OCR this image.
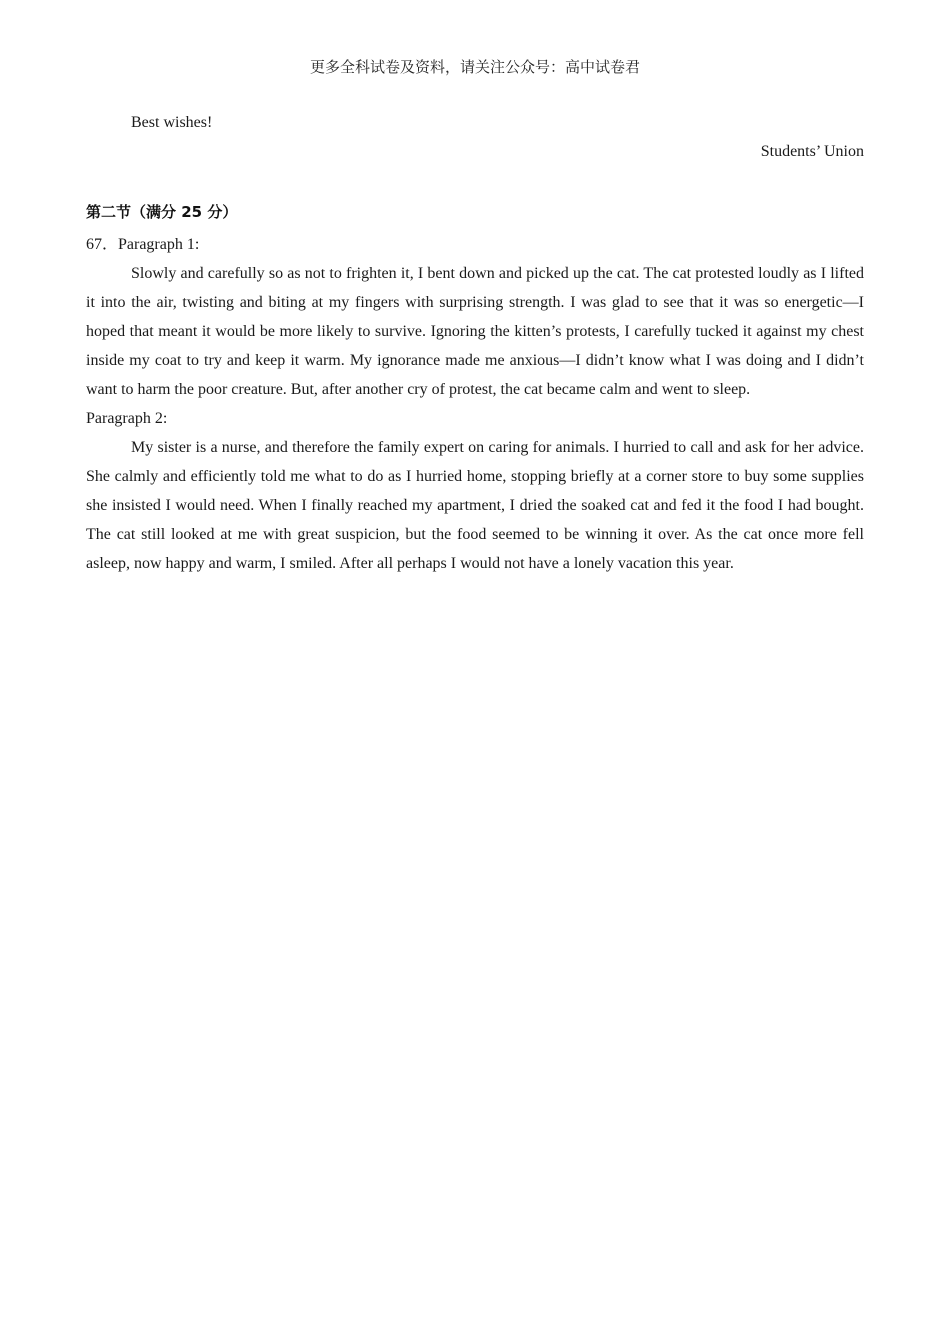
更多全科试卷及资料，请关注公众号：高中试卷君
Best wishes!
Students’ Union
第二节（满分 25 分）

67．Paragraph 1:

Slowly and carefully so as not to frighten it, I bent down and picked up the cat. The cat protested loudly as I lifted it into the air, twisting and biting at my fingers with surprising strength. I was glad to see that it was so energetic—I hoped that meant it would be more likely to survive. Ignoring the kitten’s protests, I carefully tucked it against my chest inside my coat to try and keep it warm. My ignorance made me anxious—I didn’t know what I was doing and I didn’t want to harm the poor creature. But, after another cry of protest, the cat became calm and went to sleep.

Paragraph 2:

My sister is a nurse, and therefore the family expert on caring for animals. I hurried to call and ask for her advice. She calmly and efficiently told me what to do as I hurried home, stopping briefly at a corner store to buy some supplies she insisted I would need. When I finally reached my apartment, I dried the soaked cat and fed it the food I had bought. The cat still looked at me with great suspicion, but the food seemed to be winning it over. As the cat once more fell asleep, now happy and warm, I smiled. After all perhaps I would not have a lonely vacation this year.
